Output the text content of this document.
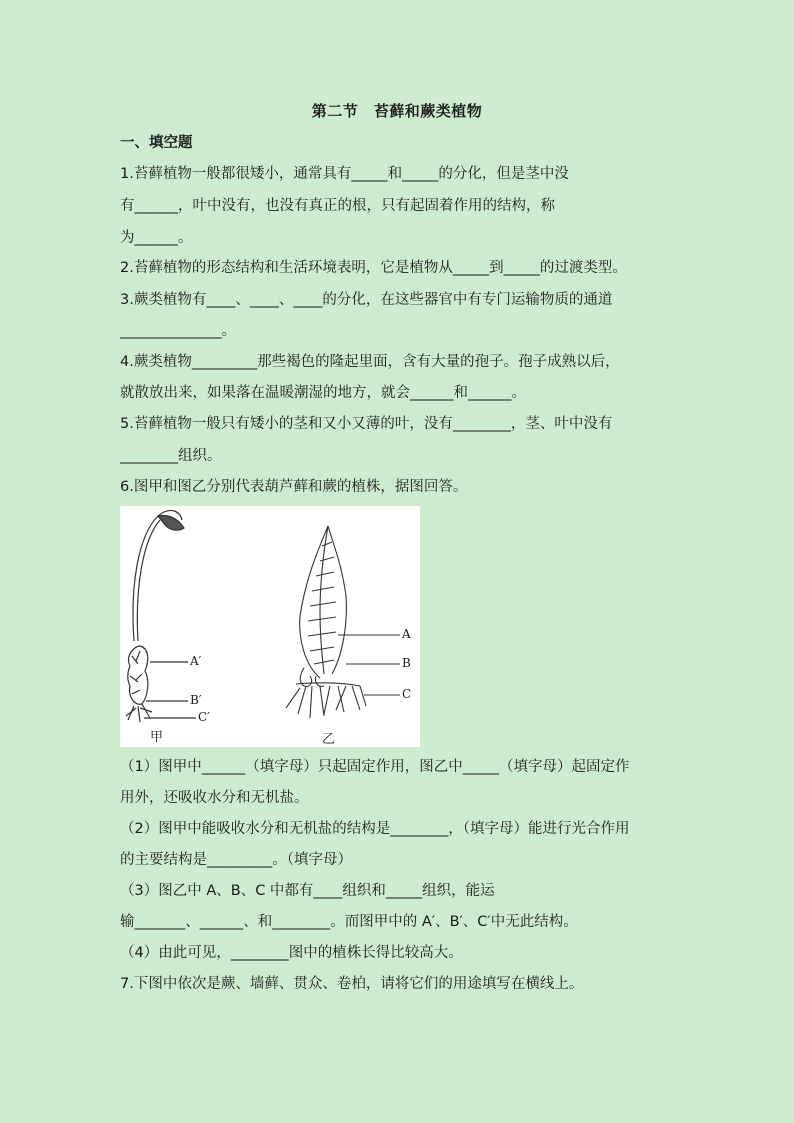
第二节　苔藓和蕨类植物
一、填空题
1.苔藓植物一般都很矮小，通常具有_____和_____的分化，但是茎中没
有______，叶中没有，也没有真正的根，只有起固着作用的结构，称
为______。
2.苔藓植物的形态结构和生活环境表明，它是植物从_____到_____的过渡类型。
3.蕨类植物有____、____、____的分化，在这些器官中有专门运输物质的通道
______________。
4.蕨类植物_________那些褐色的隆起里面，含有大量的孢子。孢子成熟以后，
就散放出来，如果落在温暖潮湿的地方，就会______和______。
5.苔藓植物一般只有矮小的茎和又小又薄的叶，没有________，茎、叶中没有
________组织。
6.图甲和图乙分别代表葫芦藓和蕨的植株，据图回答。
A′
B′
C′
A
B
C
甲	乙
（1）图甲中______（填字母）只起固定作用，图乙中_____（填字母）起固定作
用外，还吸收水分和无机盐。
（2）图甲中能吸收水分和无机盐的结构是________，（填字母）能进行光合作用
的主要结构是_________。（填字母）
（3）图乙中 A、B、C 中都有____组织和_____组织，能运
输_______、______、和________。而图甲中的 A′、B′、C′中无此结构。
（4）由此可见，________图中的植株长得比较高大。
7.下图中依次是蕨、墙藓、贯众、卷柏，请将它们的用途填写在横线上。
